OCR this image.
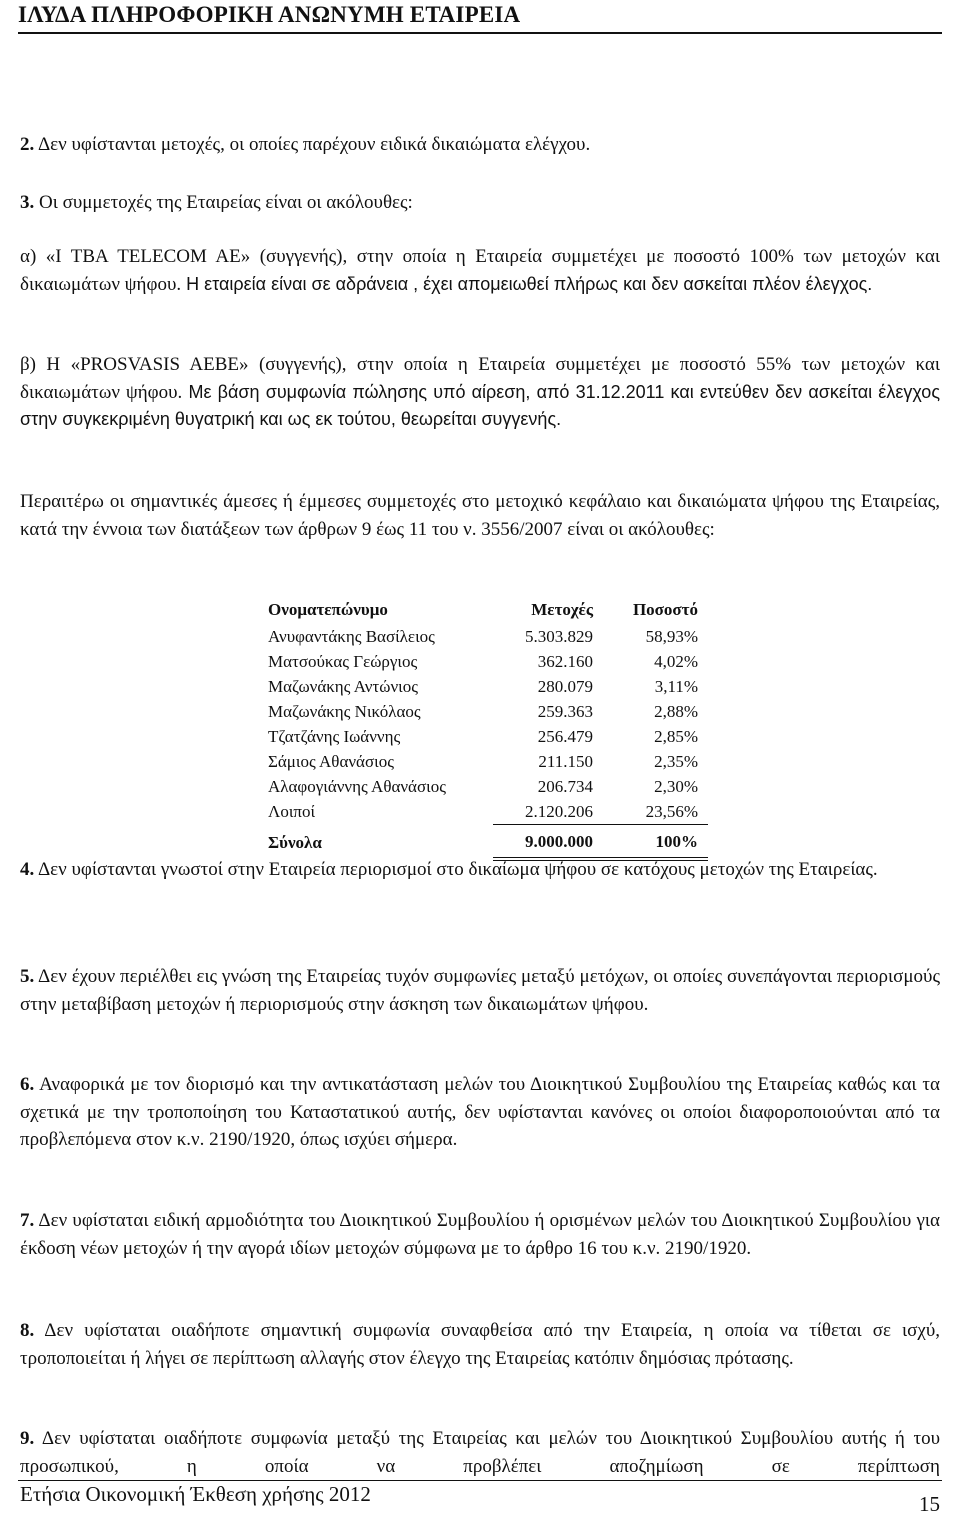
ΙΛΥΔΑ ΠΛΗΡΟΦΟΡΙΚΗ ΑΝΩΝΥΜΗ ΕΤΑΙΡΕΙΑ

2. Δεν υφίστανται μετοχές, οι οποίες παρέχουν ειδικά δικαιώματα ελέγχου.

3. Οι συμμετοχές της Εταιρείας είναι οι ακόλουθες:

α) «Ι ΤΒΑ TELECOM AE» (συγγενής), στην οποία η Εταιρεία συμμετέχει με ποσοστό 100% των μετοχών και δικαιωμάτων ψήφου. Η εταιρεία είναι σε αδράνεια , έχει απομειωθεί πλήρως και δεν ασκείται πλέον έλεγχος.

β) Η «PROSVASIS AEBE» (συγγενής), στην οποία η Εταιρεία συμμετέχει με ποσοστό 55% των μετοχών και δικαιωμάτων ψήφου. Με βάση συμφωνία πώλησης υπό αίρεση, από 31.12.2011 και εντεύθεν δεν ασκείται έλεγχος στην συγκεκριμένη θυγατρική και ως εκ τούτου, θεωρείται συγγενής.

Περαιτέρω οι σημαντικές άμεσες ή έμμεσες συμμετοχές στο μετοχικό κεφάλαιο και δικαιώματα ψήφου της Εταιρείας, κατά την έννοια των διατάξεων των άρθρων 9 έως 11 του ν. 3556/2007 είναι οι ακόλουθες:

Ονοματεπώνυμο	Μετοχές	Ποσοστό
Ανυφαντάκης Βασίλειος	5.303.829	58,93%
Ματσούκας Γεώργιος	362.160	4,02%
Μαζωνάκης Αντώνιος	280.079	3,11%
Μαζωνάκης Νικόλαος	259.363	2,88%
Τζατζάνης Ιωάννης	256.479	2,85%
Σάμιος Αθανάσιος	211.150	2,35%
Αλαφογιάννης Αθανάσιος	206.734	2,30%
Λοιποί	2.120.206	23,56%
Σύνολα	9.000.000	100%

4. Δεν υφίστανται γνωστοί στην Εταιρεία περιορισμοί στο δικαίωμα ψήφου σε κατόχους μετοχών της Εταιρείας.

5. Δεν έχουν περιέλθει εις γνώση της Εταιρείας τυχόν συμφωνίες μεταξύ μετόχων, οι οποίες συνεπάγονται περιορισμούς στην μεταβίβαση μετοχών ή περιορισμούς στην άσκηση των δικαιωμάτων ψήφου.

6. Αναφορικά με τον διορισμό και την αντικατάσταση μελών του Διοικητικού Συμβουλίου της Εταιρείας καθώς και τα σχετικά με την τροποποίηση του Καταστατικού αυτής, δεν υφίστανται κανόνες οι οποίοι διαφοροποιούνται από τα προβλεπόμενα στον κ.ν. 2190/1920, όπως ισχύει σήμερα.

7. Δεν υφίσταται ειδική αρμοδιότητα του Διοικητικού Συμβουλίου ή ορισμένων μελών του Διοικητικού Συμβουλίου για έκδοση νέων μετοχών ή την αγορά ιδίων μετοχών σύμφωνα με το άρθρο 16 του κ.ν. 2190/1920.

8. Δεν υφίσταται οιαδήποτε σημαντική συμφωνία συναφθείσα από την Εταιρεία, η οποία να τίθεται σε ισχύ, τροποποιείται ή λήγει σε περίπτωση αλλαγής στον έλεγχο της Εταιρείας κατόπιν δημόσιας πρότασης.

9. Δεν υφίσταται οιαδήποτε συμφωνία μεταξύ της Εταιρείας και μελών του Διοικητικού Συμβουλίου αυτής ή του προσωπικού, η οποία να προβλέπει αποζημίωση σε περίπτωση

Ετήσια Οικονομική Έκθεση χρήσης 2012	15
